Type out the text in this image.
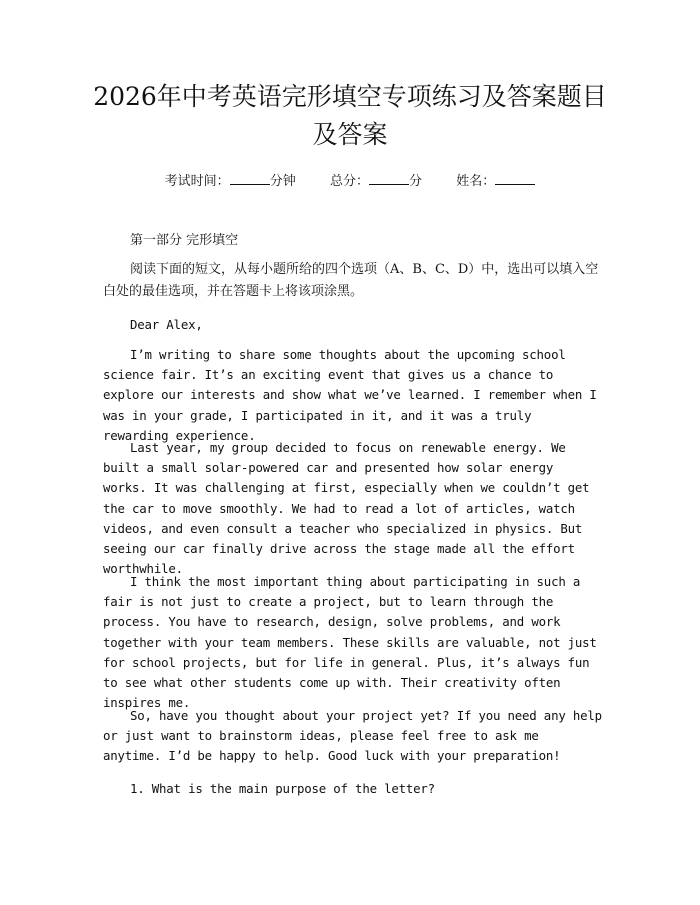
2026年中考英语完形填空专项练习及答案题目及答案
考试时间：	分钟	总分：	分	姓名：
第一部分 完形填空
阅读下面的短文，从每小题所给的四个选项（A、B、C、D）中，选出可以填入空白处的最佳选项，并在答题卡上将该项涂黑。
Dear Alex,

I’m writing to share some thoughts about the upcoming school science fair. It’s an exciting event that gives us a chance to explore our interests and show what we’ve learned. I remember when I was in your grade, I participated in it, and it was a truly rewarding experience.

Last year, my group decided to focus on renewable energy. We built a small solar-powered car and presented how solar energy works. It was challenging at first, especially when we couldn’t get the car to move smoothly. We had to read a lot of articles, watch videos, and even consult a teacher who specialized in physics. But seeing our car finally drive across the stage made all the effort worthwhile.

I think the most important thing about participating in such a fair is not just to create a project, but to learn through the process. You have to research, design, solve problems, and work together with your team members. These skills are valuable, not just for school projects, but for life in general. Plus, it’s always fun to see what other students come up with. Their creativity often inspires me.

So, have you thought about your project yet? If you need any help or just want to brainstorm ideas, please feel free to ask me anytime. I’d be happy to help. Good luck with your preparation!

1. What is the main purpose of the letter?
